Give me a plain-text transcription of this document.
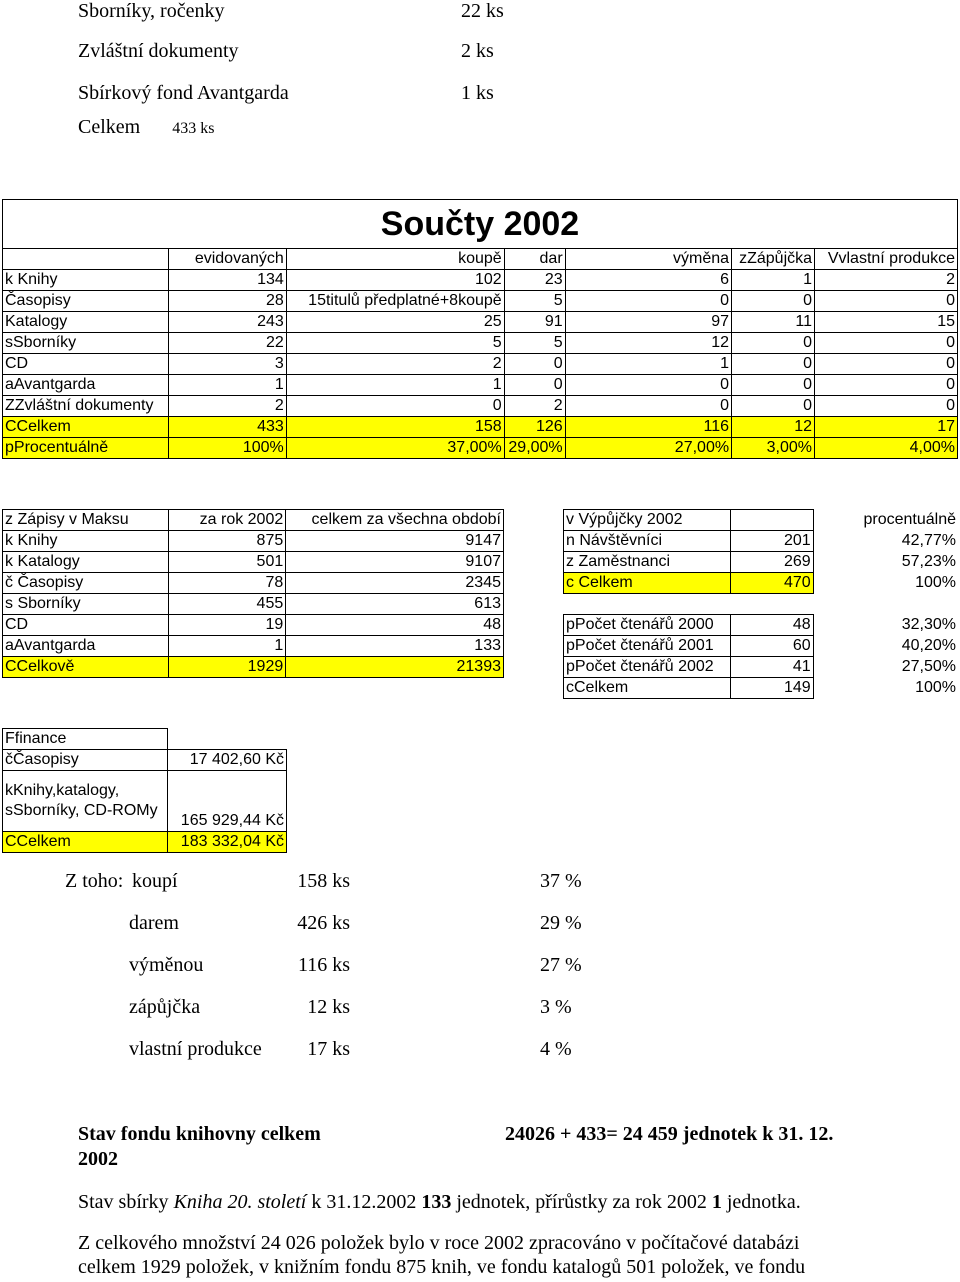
Sborníky, ročenky	22 ks
Zvláštní dokumenty	2 ks
Sbírkový fond Avantgarda	1 ks
Celkem 433 ks
Součty 2002						
	evidovaných	koupě	dar	výměna	zZápůjčka	Vvlastní produkce
k Knihy	134	102	23	6	1	2
Časopisy	28	15titulů předplatné+8koupě	5	0	0	0
Katalogy	243	25	91	97	11	15
sSborníky	22	5	5	12	0	0
CD	3	2	0	1	0	0
aAvantgarda	1	1	0	0	0	0
ZZvláštní dokumenty	2	0	2	0	0	0
CCelkem	433	158	126	116	12	17
pProcentuálně	100%	37,00%	29,00%	27,00%	3,00%	4,00%
z Zápisy v Maksu	za rok 2002	celkem za všechna období
k Knihy	875	9147
k Katalogy	501	9107
č Časopisy	78	2345
s Sborníky	455	613
CD	19	48
aAvantgarda	1	133
CCelkově	1929	21393
v Výpůjčky 2002		procentuálně
n Návštěvníci	201	42,77%
z Zaměstnanci	269	57,23%
c Celkem	470	100%

pPočet čtenářů 2000	48	32,30%
pPočet čtenářů 2001	60	40,20%
pPočet čtenářů 2002	41	27,50%
cCelkem	149	100%
Ffinance	
čČasopisy	17 402,60 Kč
kKnihy,katalogy, sSborníky, CD-ROMy	165 929,44 Kč
CCelkem	183 332,04 Kč
Z toho: koupí	158 ks	37 %
darem	426 ks	29 %
výměnou	116 ks	27 %
zápůjčka	12 ks	3 %
vlastní produkce	17 ks	4 %
Stav fondu knihovny celkem	24026 + 433= 24 459 jednotek k 31. 12.
2002
Stav sbírky Kniha 20. století k 31.12.2002 133 jednotek, přírůstky za rok 2002 1 jednotka.
Z celkového množství 24 026 položek bylo v roce 2002 zpracováno v počítačové databázi
celkem 1929 položek, v knižním fondu 875 knih, ve fondu katalogů 501 položek, ve fondu
